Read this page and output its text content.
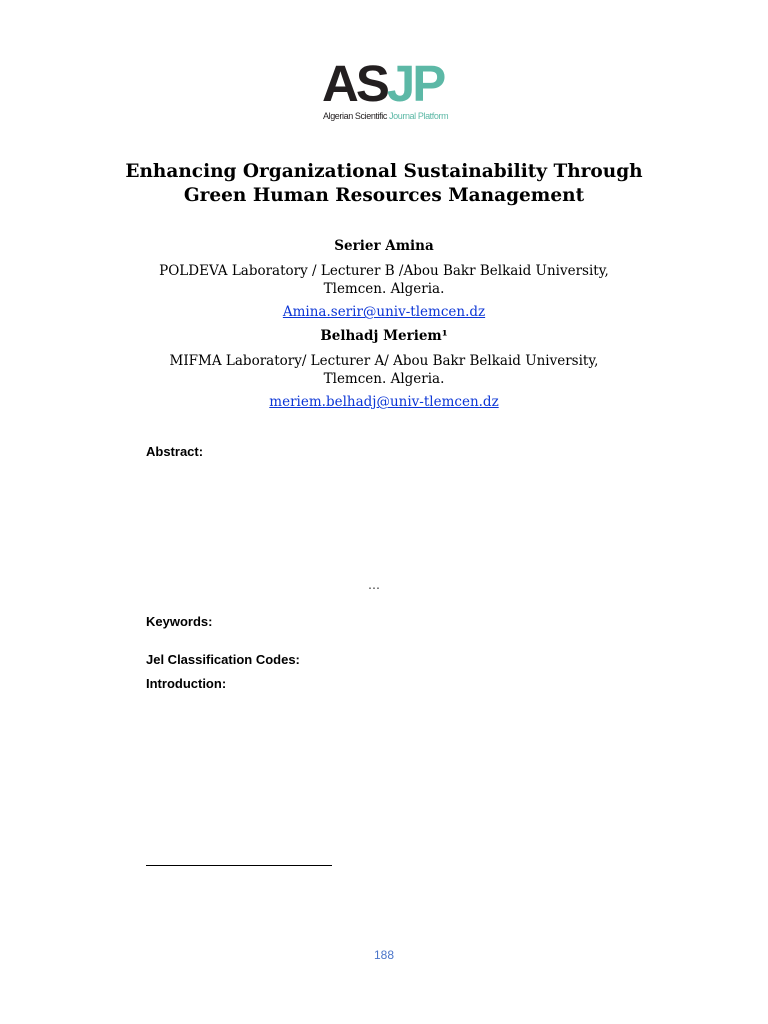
ASJP
Algerian Scientific Journal Platform
Enhancing Organizational Sustainability Through
Green Human Resources Management
Serier Amina
POLDEVA Laboratory / Lecturer B /Abou Bakr Belkaid University,
Tlemcen. Algeria.
Amina.serir@univ-tlemcen.dz
Belhadj Meriem¹
MIFMA Laboratory/ Lecturer A/ Abou Bakr Belkaid University,
Tlemcen. Algeria.
meriem.belhadj@univ-tlemcen.dz
Abstract:
…
Keywords:
Jel Classification Codes:
Introduction:
188
